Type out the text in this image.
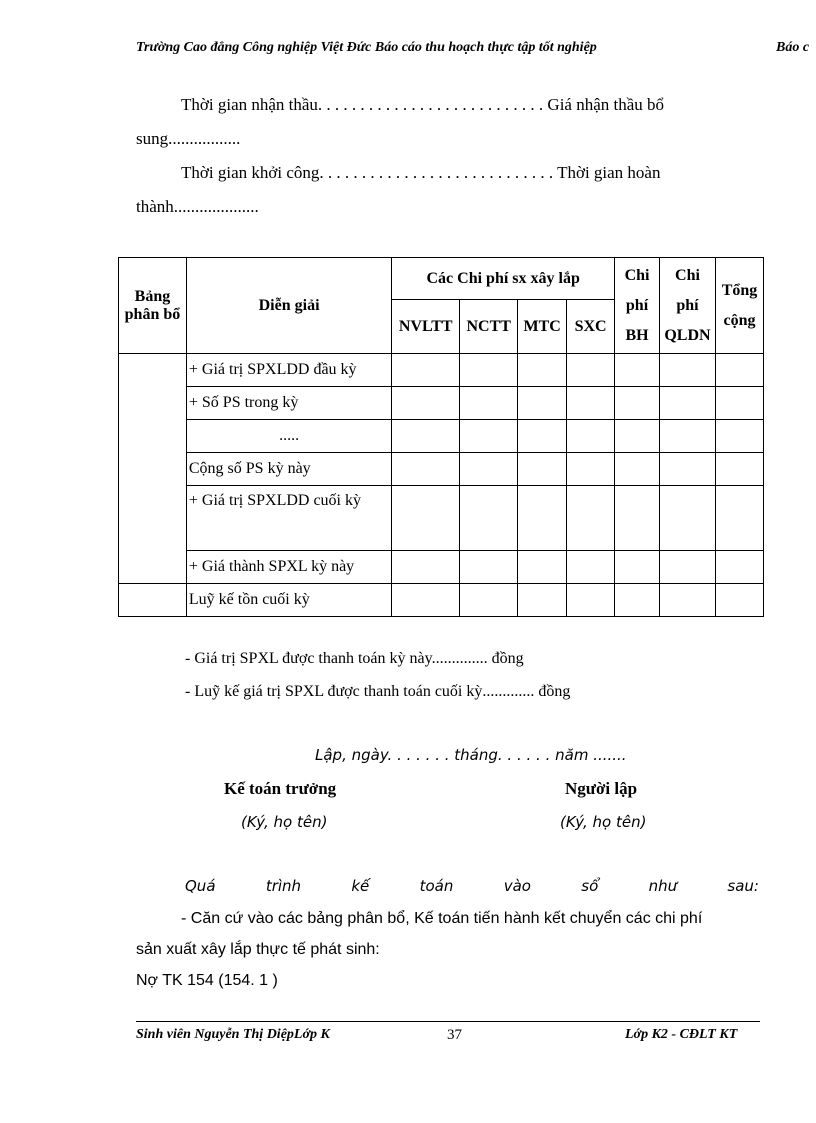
Trường Cao đẳng Công nghiệp Việt Đức Báo cáo thu hoạch thực tập tốt nghiệp	Báo c
Thời gian nhận thầu. . . . . . . . . . . . . . . . . . . . . . . . . . . Giá nhận thầu bổ
sung.................
Thời gian khởi công. . . . . . . . . . . . . . . . . . . . . . . . . . . . Thời gian hoàn
thành....................
Bảng phân bổ	Diễn giải	Các Chi phí sx xây lắp				Chi phí BH	Chi phí QLDN	Tổng cộng
		NVLTT	NCTT	MTC	SXC			
	+ Giá trị SPXLDD đầu kỳ							
	+ Số PS trong kỳ							
	.....							
	Cộng số PS kỳ này							
	+ Giá trị SPXLDD cuối kỳ							
	+ Giá thành SPXL kỳ này							
	Luỹ kế tồn cuối kỳ							
- Giá trị SPXL được thanh toán kỳ này.............. đồng
- Luỹ kế giá trị SPXL được thanh toán cuối kỳ............. đồng
Lập, ngày. . . . . . . tháng. . . . . . năm .......
Kế toán trưởng
(Ký, họ tên)
Người lập
(Ký, họ tên)
Quá	trình	kế	toán	vào	sổ	như	sau:
- Căn cứ vào các bảng phân bổ, Kế toán tiến hành kết chuyển các chi phí
sản xuất xây lắp thực tế phát sinh:
Nợ TK 154 (154. 1 )
Sinh viên Nguyễn Thị DiệpLớp K	37	Lớp K2 - CĐLT KT
